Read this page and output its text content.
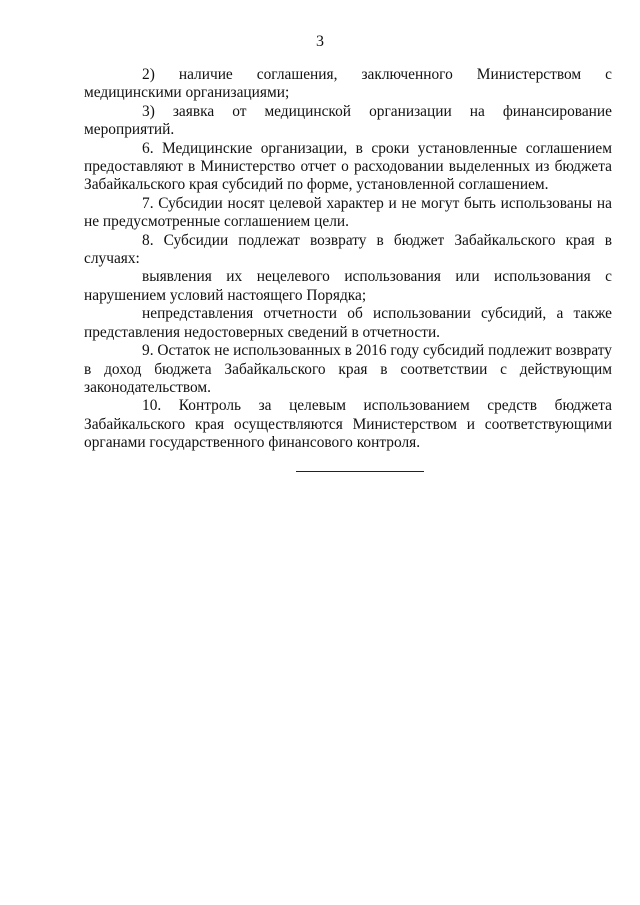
3

2) наличие соглашения, заключенного Министерством с медицинскими организациями;

3) заявка от медицинской организации на финансирование мероприятий.

6. Медицинские организации, в сроки установленные соглашением предоставляют в Министерство отчет о расходовании выделенных из бюджета Забайкальского края субсидий по форме, установленной соглашением.

7. Субсидии носят целевой характер и не могут быть использованы на не предусмотренные соглашением цели.

8. Субсидии подлежат возврату в бюджет Забайкальского края в случаях:

выявления их нецелевого использования или использования с нарушением условий настоящего Порядка;

непредставления отчетности об использовании субсидий, а также представления недостоверных сведений в отчетности.

9. Остаток не использованных в 2016 году субсидий подлежит возврату в доход бюджета Забайкальского края в соответствии с действующим законодательством.

10. Контроль за целевым использованием средств бюджета Забайкальского края осуществляются Министерством и соответствующими органами государственного финансового контроля.
